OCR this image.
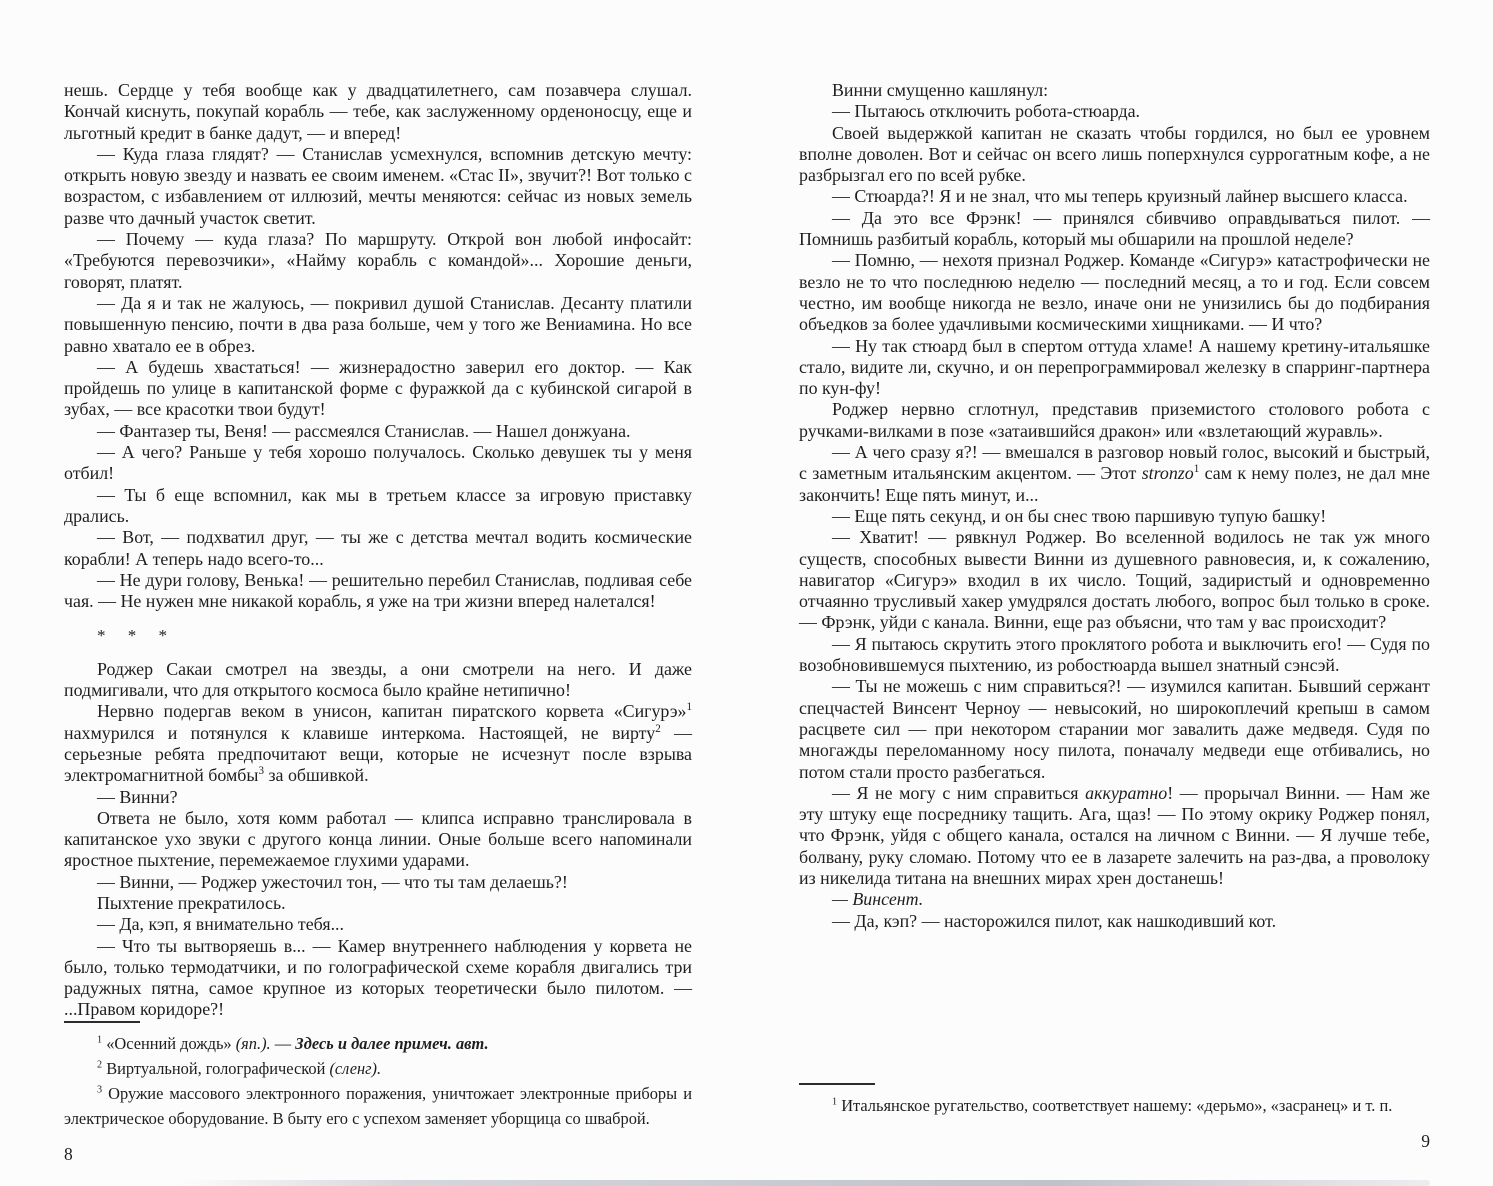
нешь. Сердце у тебя вообще как у двадцатилетнего, сам позавчера слушал. Кончай киснуть, покупай корабль — тебе, как заслуженному орденоносцу, еще и льготный кредит в банке дадут, — и вперед!

— Куда глаза глядят? — Станислав усмехнулся, вспомнив детскую мечту: открыть новую звезду и назвать ее своим именем. «Стас II», звучит?! Вот только с возрастом, с избавлением от иллюзий, мечты меняются: сейчас из новых земель разве что дачный участок светит.

— Почему — куда глаза? По маршруту. Открой вон любой инфосайт: «Требуются перевозчики», «Найму корабль с командой»... Хорошие деньги, говорят, платят.

— Да я и так не жалуюсь, — покривил душой Станислав. Десанту платили повышенную пенсию, почти в два раза больше, чем у того же Вениамина. Но все равно хватало ее в обрез.

— А будешь хвастаться! — жизнерадостно заверил его доктор. — Как пройдешь по улице в капитанской форме с фуражкой да с кубинской сигарой в зубах, — все красотки твои будут!

— Фантазер ты, Веня! — рассмеялся Станислав. — Нашел донжуана.

— А чего? Раньше у тебя хорошо получалось. Сколько девушек ты у меня отбил!

— Ты б еще вспомнил, как мы в третьем классе за игровую приставку дрались.

— Вот, — подхватил друг, — ты же с детства мечтал водить космические корабли! А теперь надо всего-то...

— Не дури голову, Венька! — решительно перебил Станислав, подливая себе чая. — Не нужен мне никакой корабль, я уже на три жизни вперед налетался!

* * *

Роджер Сакаи смотрел на звезды, а они смотрели на него. И даже подмигивали, что для открытого космоса было крайне нетипично!

Нервно подергав веком в унисон, капитан пиратского корвета «Сигурэ»$^1$ нахмурился и потянулся к клавише интеркома. Настоящей, не вирту$^2$ — серьезные ребята предпочитают вещи, которые не исчезнут после взрыва электромагнитной бомбы$^3$ за обшивкой.

— Винни?

Ответа не было, хотя комм работал — клипса исправно транслировала в капитанское ухо звуки с другого конца линии. Оные больше всего напоминали яростное пыхтение, перемежаемое глухими ударами.

— Винни, — Роджер ужесточил тон, — что ты там делаешь?!

Пыхтение прекратилось.

— Да, кэп, я внимательно тебя...

— Что ты вытворяешь в... — Камер внутреннего наблюдения у корвета не было, только термодатчики, и по голографической схеме корабля двигались три радужных пятна, самое крупное из которых теоретически было пилотом. — ...Правом коридоре?!

$^1$ «Осенний дождь» (яп.). — Здесь и далее примеч. авт.

$^2$ Виртуальной, голографической (сленг).

$^3$ Оружие массового электронного поражения, уничтожает электронные приборы и электрическое оборудование. В быту его с успехом заменяет уборщица со шваброй.

8

Винни смущенно кашлянул:

— Пытаюсь отключить робота-стюарда.

Своей выдержкой капитан не сказать чтобы гордился, но был ее уровнем вполне доволен. Вот и сейчас он всего лишь поперхнулся суррогатным кофе, а не разбрызгал его по всей рубке.

— Стюарда?! Я и не знал, что мы теперь круизный лайнер высшего класса.

— Да это все Фрэнк! — принялся сбивчиво оправдываться пилот. — Помнишь разбитый корабль, который мы обшарили на прошлой неделе?

— Помню, — нехотя признал Роджер. Команде «Сигурэ» катастрофически не везло не то что последнюю неделю — последний месяц, а то и год. Если совсем честно, им вообще никогда не везло, иначе они не унизились бы до подбирания объедков за более удачливыми космическими хищниками. — И что?

— Ну так стюард был в спертом оттуда хламе! А нашему кретину-итальяшке стало, видите ли, скучно, и он перепрограммировал железку в спарринг-партнера по кун-фу!

Роджер нервно сглотнул, представив приземистого столового робота с ручками-вилками в позе «затаившийся дракон» или «взлетающий журавль».

— А чего сразу я?! — вмешался в разговор новый голос, высокий и быстрый, с заметным итальянским акцентом. — Этот stronzo$^1$ сам к нему полез, не дал мне закончить! Еще пять минут, и...

— Еще пять секунд, и он бы снес твою паршивую тупую башку!

— Хватит! — рявкнул Роджер. Во вселенной водилось не так уж много существ, способных вывести Винни из душевного равновесия, и, к сожалению, навигатор «Сигурэ» входил в их число. Тощий, задиристый и одновременно отчаянно трусливый хакер умудрялся достать любого, вопрос был только в сроке. — Фрэнк, уйди с канала. Винни, еще раз объясни, что там у вас происходит?

— Я пытаюсь скрутить этого проклятого робота и выключить его! — Судя по возобновившемуся пыхтению, из робостюарда вышел знатный сэнсэй.

— Ты не можешь с ним справиться?! — изумился капитан. Бывший сержант спецчастей Винсент Черноу — невысокий, но широкоплечий крепыш в самом расцвете сил — при некотором старании мог завалить даже медведя. Судя по многажды переломанному носу пилота, поначалу медведи еще отбивались, но потом стали просто разбегаться.

— Я не могу с ним справиться аккуратно! — прорычал Винни. — Нам же эту штуку еще посреднику тащить. Ага, щаз! — По этому окрику Роджер понял, что Фрэнк, уйдя с общего канала, остался на личном с Винни. — Я лучше тебе, болвану, руку сломаю. Потому что ее в лазарете залечить на раз-два, а проволоку из никелида титана на внешних мирах хрен достанешь!

— Винсент.

— Да, кэп? — насторожился пилот, как нашкодивший кот.

$^1$ Итальянское ругательство, соответствует нашему: «дерьмо», «засранец» и т. п.

9
